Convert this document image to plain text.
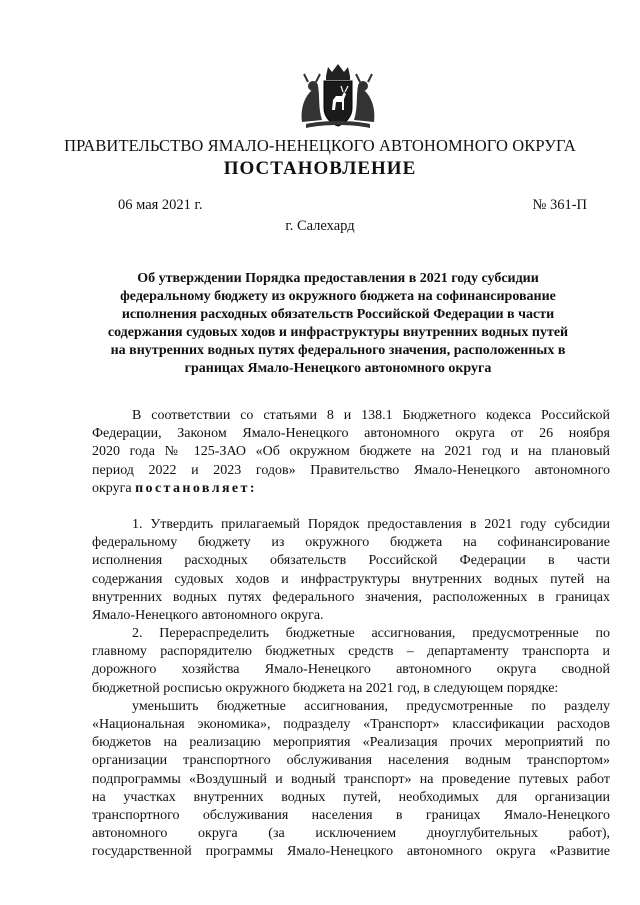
ПРАВИТЕЛЬСТВО ЯМАЛО-НЕНЕЦКОГО АВТОНОМНОГО ОКРУГА
ПОСТАНОВЛЕНИЕ
06 мая 2021 г.	№ 361-П
г. Салехард
Об утверждении Порядка предоставления в 2021 году субсидии
федеральному бюджету из окружного бюджета на софинансирование
исполнения расходных обязательств Российской Федерации в части
содержания судовых ходов и инфраструктуры внутренних водных путей
на внутренних водных путях федерального значения, расположенных в
границах Ямало-Ненецкого автономного округа
В соответствии со статьями 8 и 138.1 Бюджетного кодекса Российской
Федерации, Законом Ямало-Ненецкого автономного округа от 26 ноября
2020 года № 125-ЗАО «Об окружном бюджете на 2021 год и на плановый
период 2022 и 2023 годов» Правительство Ямало-Ненецкого автономного
округа постановляет:
1. Утвердить прилагаемый Порядок предоставления в 2021 году субсидии
федеральному бюджету из окружного бюджета на софинансирование
исполнения расходных обязательств Российской Федерации в части
содержания судовых ходов и инфраструктуры внутренних водных путей на
внутренних водных путях федерального значения, расположенных в границах
Ямало-Ненецкого автономного округа.
2. Перераспределить бюджетные ассигнования, предусмотренные по
главному распорядителю бюджетных средств – департаменту транспорта и
дорожного хозяйства Ямало-Ненецкого автономного округа сводной
бюджетной росписью окружного бюджета на 2021 год, в следующем порядке:
уменьшить бюджетные ассигнования, предусмотренные по разделу
«Национальная экономика», подразделу «Транспорт» классификации расходов
бюджетов на реализацию мероприятия «Реализация прочих мероприятий по
организации транспортного обслуживания населения водным транспортом»
подпрограммы «Воздушный и водный транспорт» на проведение путевых работ
на участках внутренних водных путей, необходимых для организации
транспортного обслуживания населения в границах Ямало-Ненецкого
автономного округа (за исключением дноуглубительных работ),
государственной программы Ямало-Ненецкого автономного округа «Развитие
